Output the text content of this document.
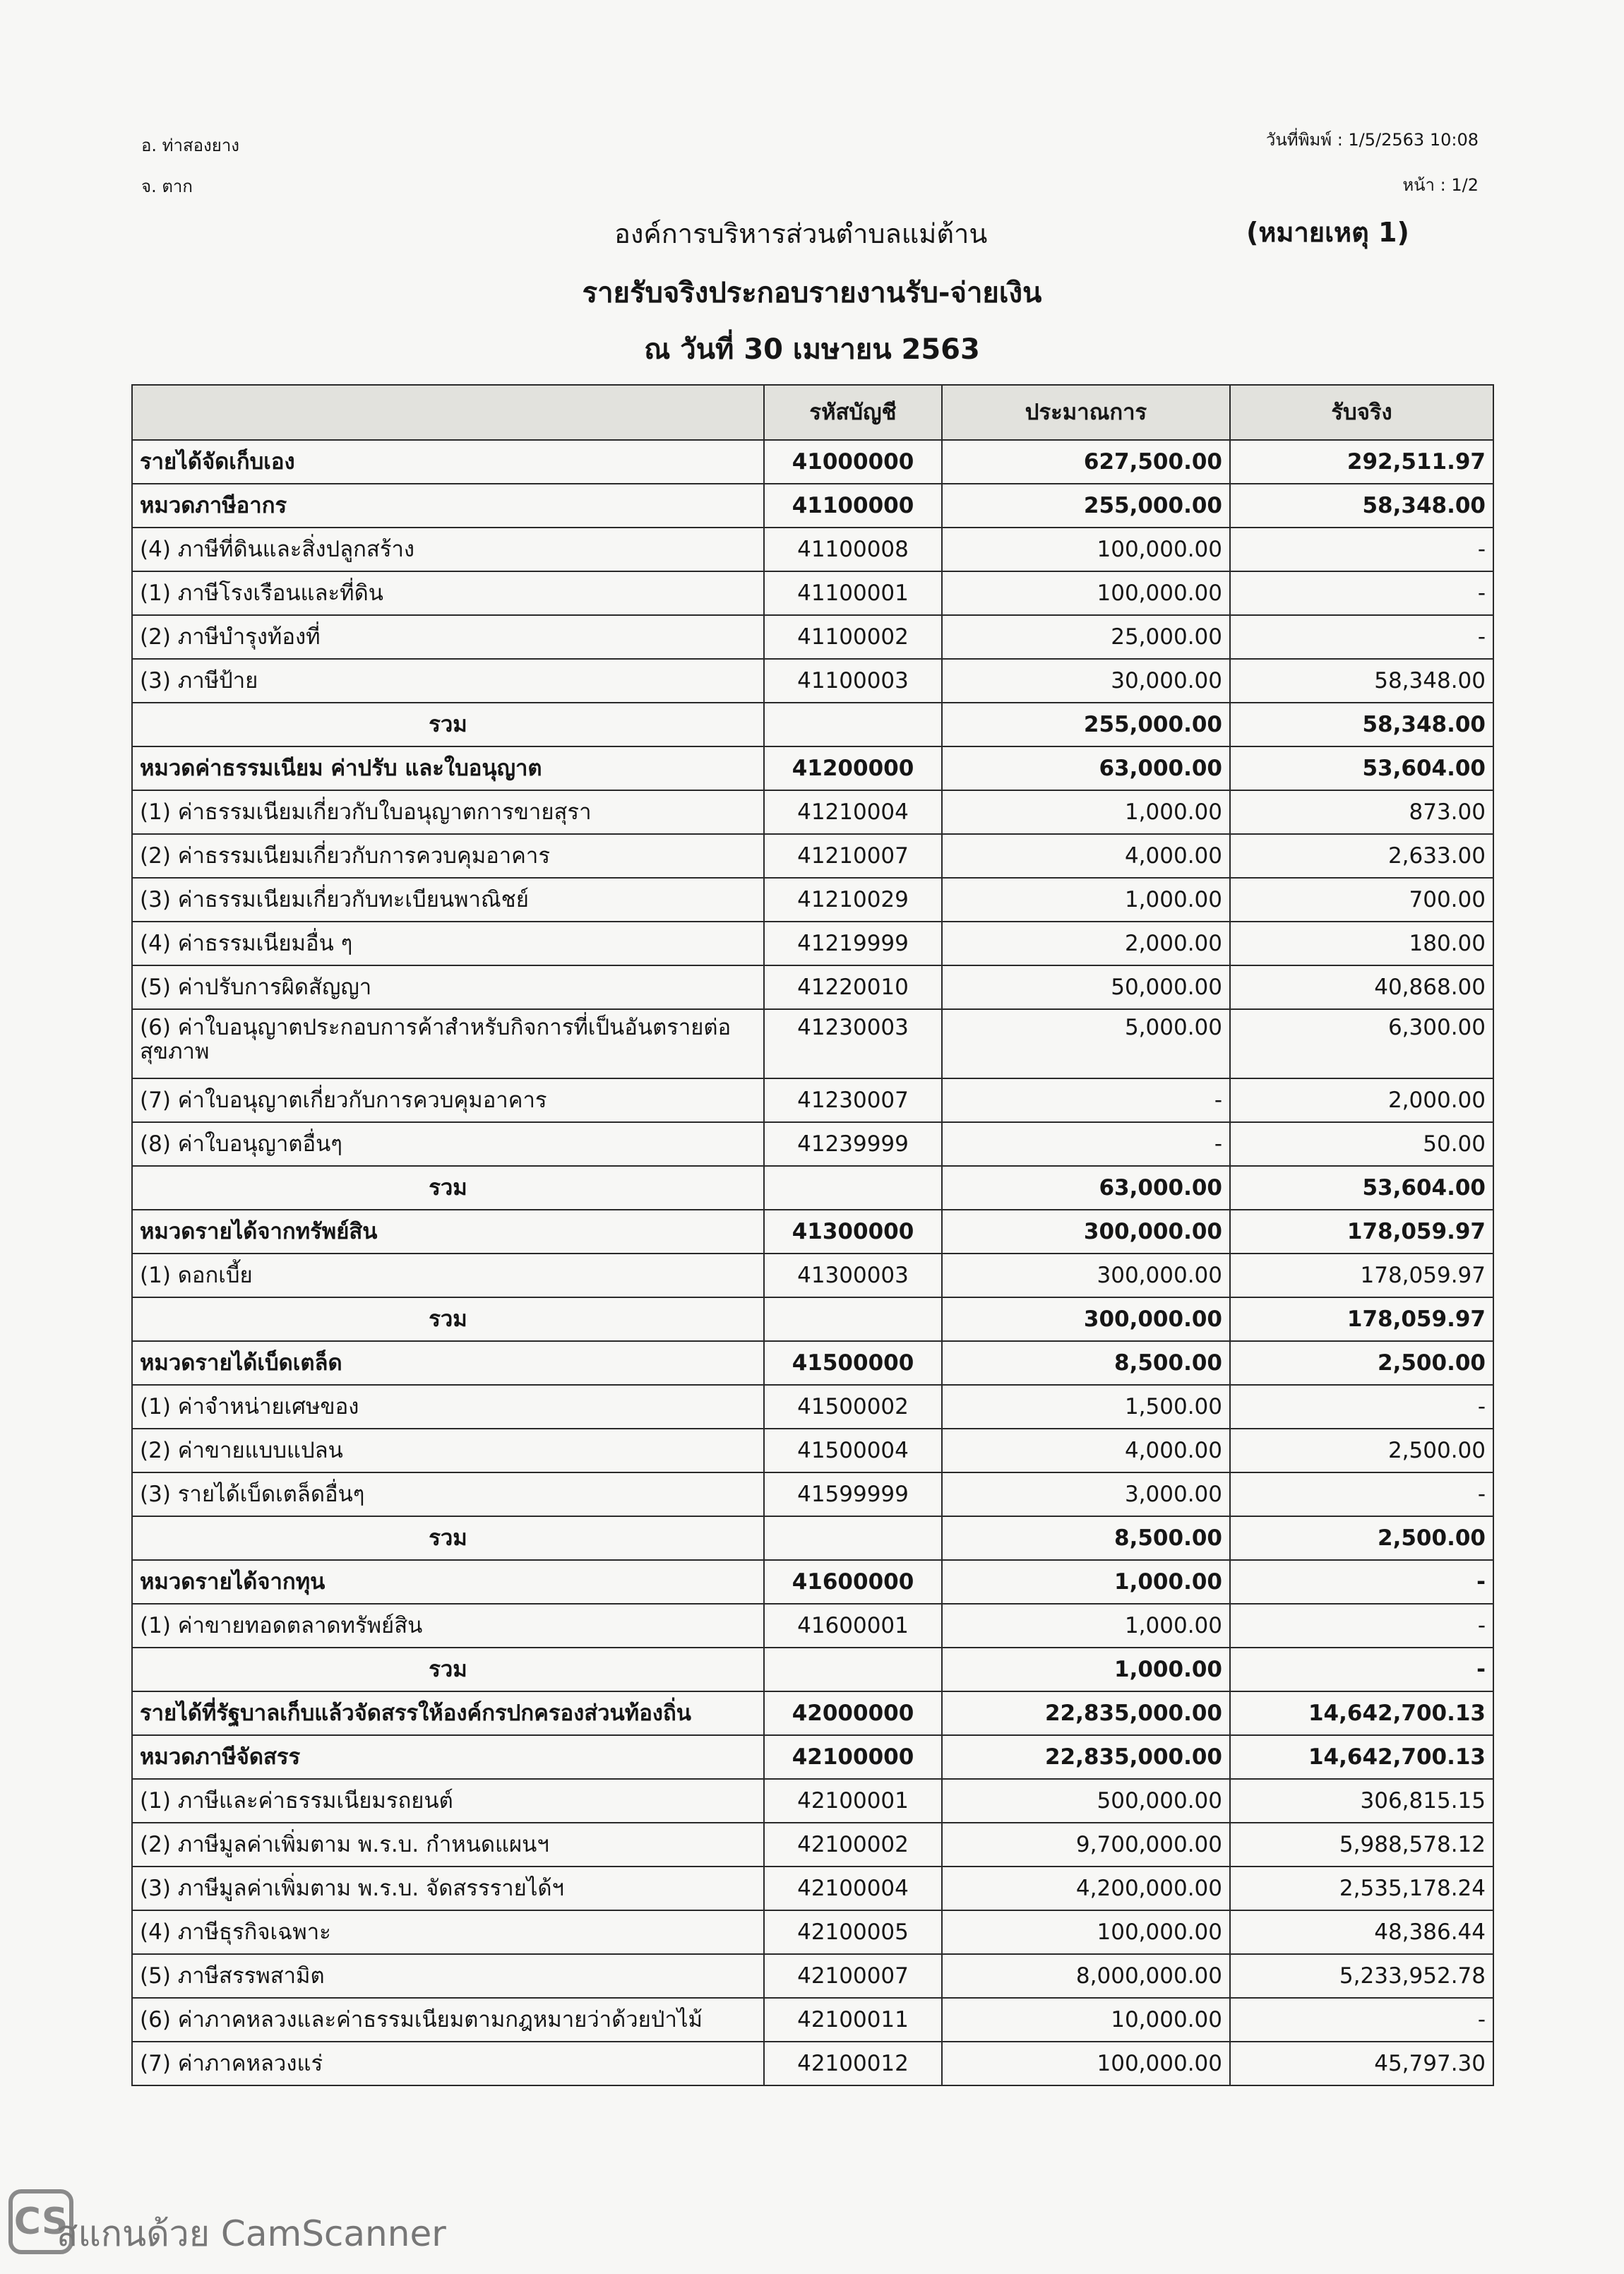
อ. ท่าสองยาง
จ. ตาก
วันที่พิมพ์ : 1/5/2563 10:08
หน้า : 1/2
องค์การบริหารส่วนตำบลแม่ต้าน	(หมายเหตุ 1)
รายรับจริงประกอบรายงานรับ-จ่ายเงิน
ณ วันที่ 30 เมษายน 2563
	รหัสบัญชี	ประมาณการ	รับจริง
รายได้จัดเก็บเอง	41000000	627,500.00	292,511.97
หมวดภาษีอากร	41100000	255,000.00	58,348.00
(4) ภาษีที่ดินและสิ่งปลูกสร้าง	41100008	100,000.00	-
(1) ภาษีโรงเรือนและที่ดิน	41100001	100,000.00	-
(2) ภาษีบำรุงท้องที่	41100002	25,000.00	-
(3) ภาษีป้าย	41100003	30,000.00	58,348.00
รวม		255,000.00	58,348.00
หมวดค่าธรรมเนียม ค่าปรับ และใบอนุญาต	41200000	63,000.00	53,604.00
(1) ค่าธรรมเนียมเกี่ยวกับใบอนุญาตการขายสุรา	41210004	1,000.00	873.00
(2) ค่าธรรมเนียมเกี่ยวกับการควบคุมอาคาร	41210007	4,000.00	2,633.00
(3) ค่าธรรมเนียมเกี่ยวกับทะเบียนพาณิชย์	41210029	1,000.00	700.00
(4) ค่าธรรมเนียมอื่น ๆ	41219999	2,000.00	180.00
(5) ค่าปรับการผิดสัญญา	41220010	50,000.00	40,868.00
(6) ค่าใบอนุญาตประกอบการค้าสำหรับกิจการที่เป็นอันตรายต่อสุขภาพ	41230003	5,000.00	6,300.00
(7) ค่าใบอนุญาตเกี่ยวกับการควบคุมอาคาร	41230007	-	2,000.00
(8) ค่าใบอนุญาตอื่นๆ	41239999	-	50.00
รวม		63,000.00	53,604.00
หมวดรายได้จากทรัพย์สิน	41300000	300,000.00	178,059.97
(1) ดอกเบี้ย	41300003	300,000.00	178,059.97
รวม		300,000.00	178,059.97
หมวดรายได้เบ็ดเตล็ด	41500000	8,500.00	2,500.00
(1) ค่าจำหน่ายเศษของ	41500002	1,500.00	-
(2) ค่าขายแบบแปลน	41500004	4,000.00	2,500.00
(3) รายได้เบ็ดเตล็ดอื่นๆ	41599999	3,000.00	-
รวม		8,500.00	2,500.00
หมวดรายได้จากทุน	41600000	1,000.00	-
(1) ค่าขายทอดตลาดทรัพย์สิน	41600001	1,000.00	-
รวม		1,000.00	-
รายได้ที่รัฐบาลเก็บแล้วจัดสรรให้องค์กรปกครองส่วนท้องถิ่น	42000000	22,835,000.00	14,642,700.13
หมวดภาษีจัดสรร	42100000	22,835,000.00	14,642,700.13
(1) ภาษีและค่าธรรมเนียมรถยนต์	42100001	500,000.00	306,815.15
(2) ภาษีมูลค่าเพิ่มตาม พ.ร.บ. กำหนดแผนฯ	42100002	9,700,000.00	5,988,578.12
(3) ภาษีมูลค่าเพิ่มตาม พ.ร.บ. จัดสรรรายได้ฯ	42100004	4,200,000.00	2,535,178.24
(4) ภาษีธุรกิจเฉพาะ	42100005	100,000.00	48,386.44
(5) ภาษีสรรพสามิต	42100007	8,000,000.00	5,233,952.78
(6) ค่าภาคหลวงและค่าธรรมเนียมตามกฎหมายว่าด้วยป่าไม้	42100011	10,000.00	-
(7) ค่าภาคหลวงแร่	42100012	100,000.00	45,797.30
CS
สแกนด้วย CamScanner
